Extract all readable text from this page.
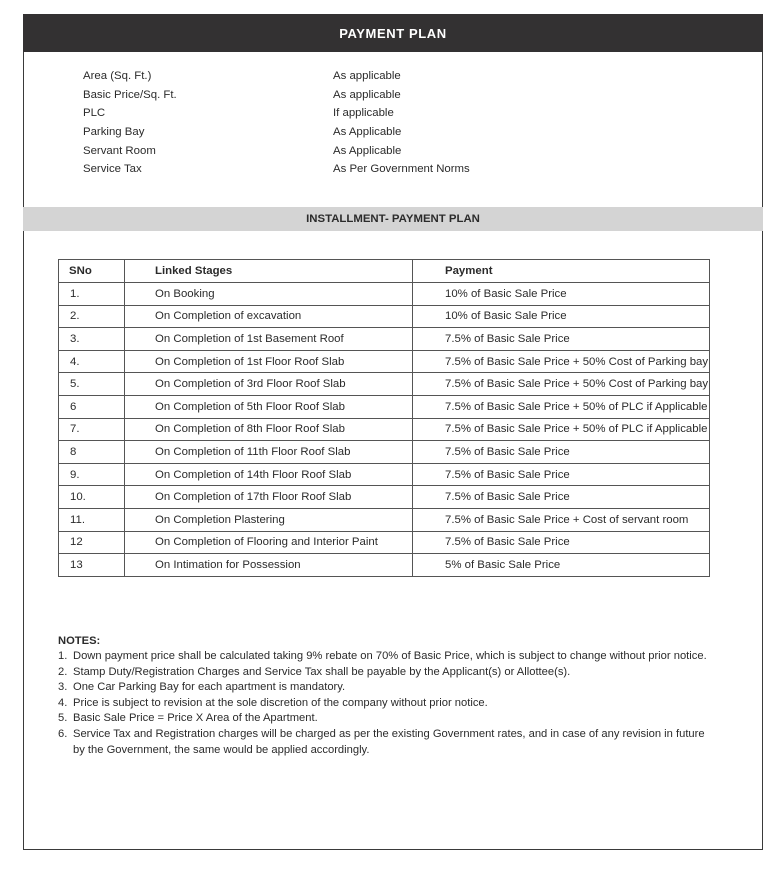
PAYMENT PLAN
Area (Sq. Ft.)	As applicable
Basic Price/Sq. Ft.	As applicable
PLC	If applicable
Parking Bay	As Applicable
Servant Room	As Applicable
Service Tax	As Per Government Norms
INSTALLMENT- PAYMENT PLAN
SNo	Linked Stages	Payment
1.	On Booking	10% of Basic Sale Price
2.	On Completion of excavation	10% of Basic Sale Price
3.	On Completion of 1st Basement Roof	7.5% of Basic Sale Price
4.	On Completion of 1st Floor Roof Slab	7.5% of Basic Sale Price + 50% Cost of Parking bay
5.	On Completion of 3rd Floor Roof Slab	7.5% of Basic Sale Price + 50% Cost of Parking bay
6	On Completion of 5th Floor Roof Slab	7.5% of Basic Sale Price + 50% of PLC if Applicable
7.	On Completion of 8th Floor Roof Slab	7.5% of Basic Sale Price + 50% of PLC if Applicable
8	On Completion of 11th Floor Roof Slab	7.5% of Basic Sale Price
9.	On Completion of 14th Floor Roof Slab	7.5% of Basic Sale Price
10.	On Completion of 17th Floor Roof Slab	7.5% of Basic Sale Price
11.	On Completion Plastering	7.5% of Basic Sale Price + Cost of servant room
12	On Completion of Flooring and Interior Paint	7.5% of Basic Sale Price
13	On Intimation for Possession	5% of Basic Sale Price
NOTES:
1. Down payment price shall be calculated taking 9% rebate on 70% of Basic Price, which is subject to change without prior notice.
2. Stamp Duty/Registration Charges and Service Tax shall be payable by the Applicant(s) or Allottee(s).
3. One Car Parking Bay for each apartment is mandatory.
4. Price is subject to revision at the sole discretion of the company without prior notice.
5. Basic Sale Price = Price X Area of the Apartment.
6. Service Tax and Registration charges will be charged as per the existing Government rates, and in case of any revision in future by the Government, the same would be applied accordingly.
